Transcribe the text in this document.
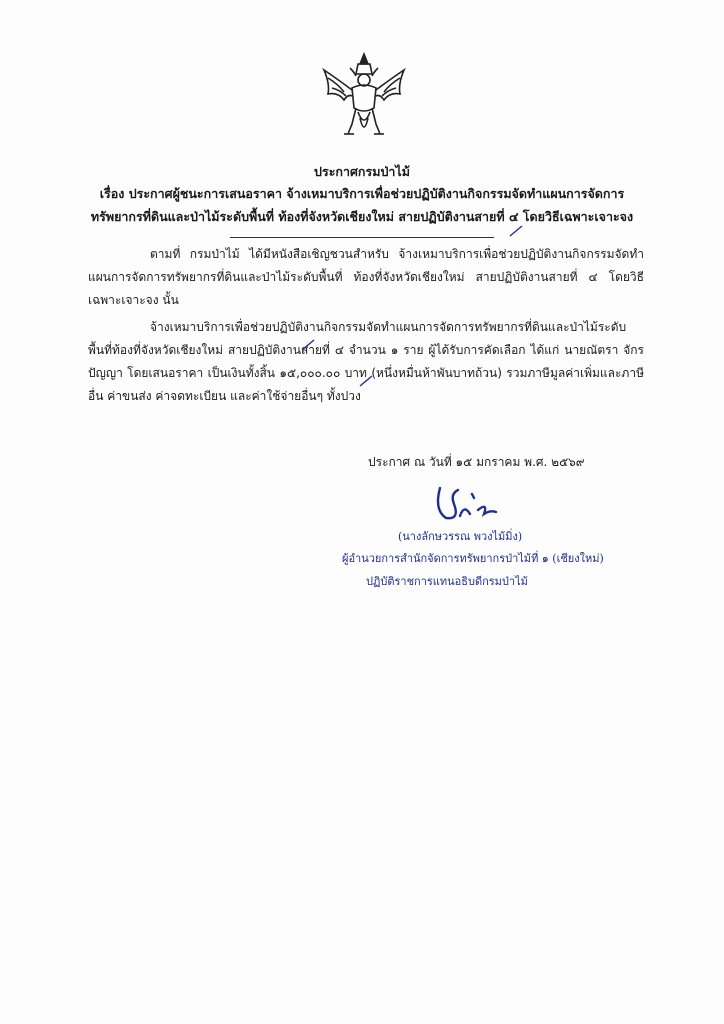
ประกาศกรมป่าไม้
เรื่อง ประกาศผู้ชนะการเสนอราคา จ้างเหมาบริการเพื่อช่วยปฏิบัติงานกิจกรรมจัดทำแผนการจัดการ
ทรัพยากรที่ดินและป่าไม้ระดับพื้นที่ ท้องที่จังหวัดเชียงใหม่ สายปฏิบัติงานสายที่ ๔ โดยวิธีเฉพาะเจาะจง
ตามที่ กรมป่าไม้ ได้มีหนังสือเชิญชวนสำหรับ จ้างเหมาบริการเพื่อช่วยปฏิบัติงานกิจกรรมจัดทำแผนการจัดการทรัพยากรที่ดินและป่าไม้ระดับพื้นที่ ท้องที่จังหวัดเชียงใหม่ สายปฏิบัติงานสายที่ ๔ โดยวิธีเฉพาะเจาะจง นั้น
จ้างเหมาบริการเพื่อช่วยปฏิบัติงานกิจกรรมจัดทำแผนการจัดการทรัพยากรที่ดินและป่าไม้ระดับพื้นที่ท้องที่จังหวัดเชียงใหม่ สายปฏิบัติงานสายที่ ๔ จำนวน ๑ ราย ผู้ได้รับการคัดเลือก ได้แก่ นายณัตรา จักรปัญญา โดยเสนอราคา เป็นเงินทั้งสิ้น ๑๕,๐๐๐.๐๐ บาท (หนึ่งหมื่นห้าพันบาทถ้วน) รวมภาษีมูลค่าเพิ่มและภาษีอื่น ค่าขนส่ง ค่าจดทะเบียน และค่าใช้จ่ายอื่นๆ ทั้งปวง
ประกาศ ณ วันที่ ๑๕ มกราคม พ.ศ. ๒๕๖๙
(นางลักษวรรณ พวงไม้มิ่ง)
ผู้อำนวยการสำนักจัดการทรัพยากรป่าไม้ที่ ๑ (เชียงใหม่)
ปฏิบัติราชการแทนอธิบดีกรมป่าไม้
